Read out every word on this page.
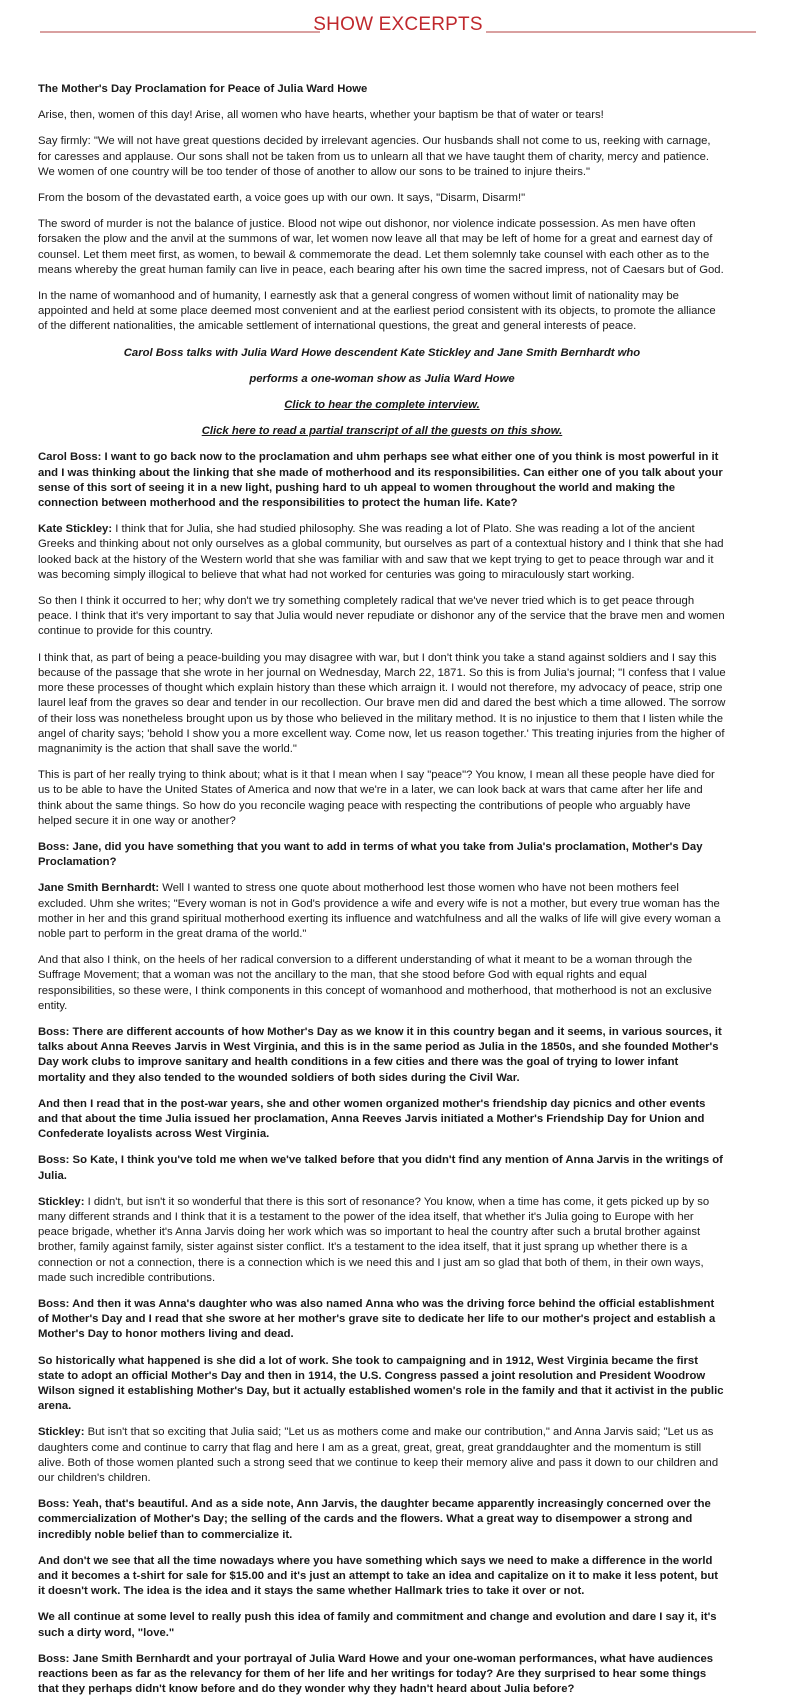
SHOW EXCERPTS

The Mother's Day Proclamation for Peace of Julia Ward Howe

Arise, then, women of this day! Arise, all women who have hearts, whether your baptism be that of water or tears!

Say firmly: "We will not have great questions decided by irrelevant agencies. Our husbands shall not come to us, reeking with carnage, for caresses and applause. Our sons shall not be taken from us to unlearn all that we have taught them of charity, mercy and patience. We women of one country will be too tender of those of another to allow our sons to be trained to injure theirs."

From the bosom of the devastated earth, a voice goes up with our own. It says, "Disarm, Disarm!"

The sword of murder is not the balance of justice. Blood not wipe out dishonor, nor violence indicate possession. As men have often forsaken the plow and the anvil at the summons of war, let women now leave all that may be left of home for a great and earnest day of counsel. Let them meet first, as women, to bewail & commemorate the dead. Let them solemnly take counsel with each other as to the means whereby the great human family can live in peace, each bearing after his own time the sacred impress, not of Caesars but of God.

In the name of womanhood and of humanity, I earnestly ask that a general congress of women without limit of nationality may be appointed and held at some place deemed most convenient and at the earliest period consistent with its objects, to promote the alliance of the different nationalities, the amicable settlement of international questions, the great and general interests of peace.

Carol Boss talks with Julia Ward Howe descendent Kate Stickley and Jane Smith Bernhardt who

performs a one-woman show as Julia Ward Howe

Click to hear the complete interview.

Click here to read a partial transcript of all the guests on this show.

Carol Boss: I want to go back now to the proclamation and uhm perhaps see what either one of you think is most powerful in it and I was thinking about the linking that she made of motherhood and its responsibilities. Can either one of you talk about your sense of this sort of seeing it in a new light, pushing hard to uh appeal to women throughout the world and making the connection between motherhood and the responsibilities to protect the human life. Kate?

Kate Stickley: I think that for Julia, she had studied philosophy. She was reading a lot of Plato. She was reading a lot of the ancient Greeks and thinking about not only ourselves as a global community, but ourselves as part of a contextual history and I think that she had looked back at the history of the Western world that she was familiar with and saw that we kept trying to get to peace through war and it was becoming simply illogical to believe that what had not worked for centuries was going to miraculously start working.

So then I think it occurred to her; why don't we try something completely radical that we've never tried which is to get peace through peace. I think that it's very important to say that Julia would never repudiate or dishonor any of the service that the brave men and women continue to provide for this country.

I think that, as part of being a peace-building you may disagree with war, but I don't think you take a stand against soldiers and I say this because of the passage that she wrote in her journal on Wednesday, March 22, 1871. So this is from Julia's journal; "I confess that I value more these processes of thought which explain history than these which arraign it. I would not therefore, my advocacy of peace, strip one laurel leaf from the graves so dear and tender in our recollection. Our brave men did and dared the best which a time allowed. The sorrow of their loss was nonetheless brought upon us by those who believed in the military method. It is no injustice to them that I listen while the angel of charity says; 'behold I show you a more excellent way. Come now, let us reason together.' This treating injuries from the higher of magnanimity is the action that shall save the world."

This is part of her really trying to think about; what is it that I mean when I say "peace"? You know, I mean all these people have died for us to be able to have the United States of America and now that we're in a later, we can look back at wars that came after her life and think about the same things. So how do you reconcile waging peace with respecting the contributions of people who arguably have helped secure it in one way or another?

Boss: Jane, did you have something that you want to add in terms of what you take from Julia's proclamation, Mother's Day Proclamation?

Jane Smith Bernhardt: Well I wanted to stress one quote about motherhood lest those women who have not been mothers feel excluded. Uhm she writes; "Every woman is not in God's providence a wife and every wife is not a mother, but every true woman has the mother in her and this grand spiritual motherhood exerting its influence and watchfulness and all the walks of life will give every woman a noble part to perform in the great drama of the world."

And that also I think, on the heels of her radical conversion to a different understanding of what it meant to be a woman through the Suffrage Movement; that a woman was not the ancillary to the man, that she stood before God with equal rights and equal responsibilities, so these were, I think components in this concept of womanhood and motherhood, that motherhood is not an exclusive entity.

Boss: There are different accounts of how Mother's Day as we know it in this country began and it seems, in various sources, it talks about Anna Reeves Jarvis in West Virginia, and this is in the same period as Julia in the 1850s, and she founded Mother's Day work clubs to improve sanitary and health conditions in a few cities and there was the goal of trying to lower infant mortality and they also tended to the wounded soldiers of both sides during the Civil War.

And then I read that in the post-war years, she and other women organized mother's friendship day picnics and other events and that about the time Julia issued her proclamation, Anna Reeves Jarvis initiated a Mother's Friendship Day for Union and Confederate loyalists across West Virginia.

Boss: So Kate, I think you've told me when we've talked before that you didn't find any mention of Anna Jarvis in the writings of Julia.

Stickley: I didn't, but isn't it so wonderful that there is this sort of resonance? You know, when a time has come, it gets picked up by so many different strands and I think that it is a testament to the power of the idea itself, that whether it's Julia going to Europe with her peace brigade, whether it's Anna Jarvis doing her work which was so important to heal the country after such a brutal brother against brother, family against family, sister against sister conflict. It's a testament to the idea itself, that it just sprang up whether there is a connection or not a connection, there is a connection which is we need this and I just am so glad that both of them, in their own ways, made such incredible contributions.

Boss: And then it was Anna's daughter who was also named Anna who was the driving force behind the official establishment of Mother's Day and I read that she swore at her mother's grave site to dedicate her life to our mother's project and establish a Mother's Day to honor mothers living and dead.

So historically what happened is she did a lot of work. She took to campaigning and in 1912, West Virginia became the first state to adopt an official Mother's Day and then in 1914, the U.S. Congress passed a joint resolution and President Woodrow Wilson signed it establishing Mother's Day, but it actually established women's role in the family and that it activist in the public arena.

Stickley: But isn't that so exciting that Julia said; "Let us as mothers come and make our contribution," and Anna Jarvis said; "Let us as daughters come and continue to carry that flag and here I am as a great, great, great, great granddaughter and the momentum is still alive. Both of those women planted such a strong seed that we continue to keep their memory alive and pass it down to our children and our children's children.

Boss: Yeah, that's beautiful. And as a side note, Ann Jarvis, the daughter became apparently increasingly concerned over the commercialization of Mother's Day; the selling of the cards and the flowers. What a great way to disempower a strong and incredibly noble belief than to commercialize it.

And don't we see that all the time nowadays where you have something which says we need to make a difference in the world and it becomes a t-shirt for sale for $15.00 and it's just an attempt to take an idea and capitalize on it to make it less potent, but it doesn't work. The idea is the idea and it stays the same whether Hallmark tries to take it over or not.

We all continue at some level to really push this idea of family and commitment and change and evolution and dare I say it, it's such a dirty word, "love."

Boss: Jane Smith Bernhardt and your portrayal of Julia Ward Howe and your one-woman performances, what have audiences reactions been as far as the relevancy for them of her life and her writings for today? Are they surprised to hear some things that they perhaps didn't know before and do they wonder why they hadn't heard about Julia before?
